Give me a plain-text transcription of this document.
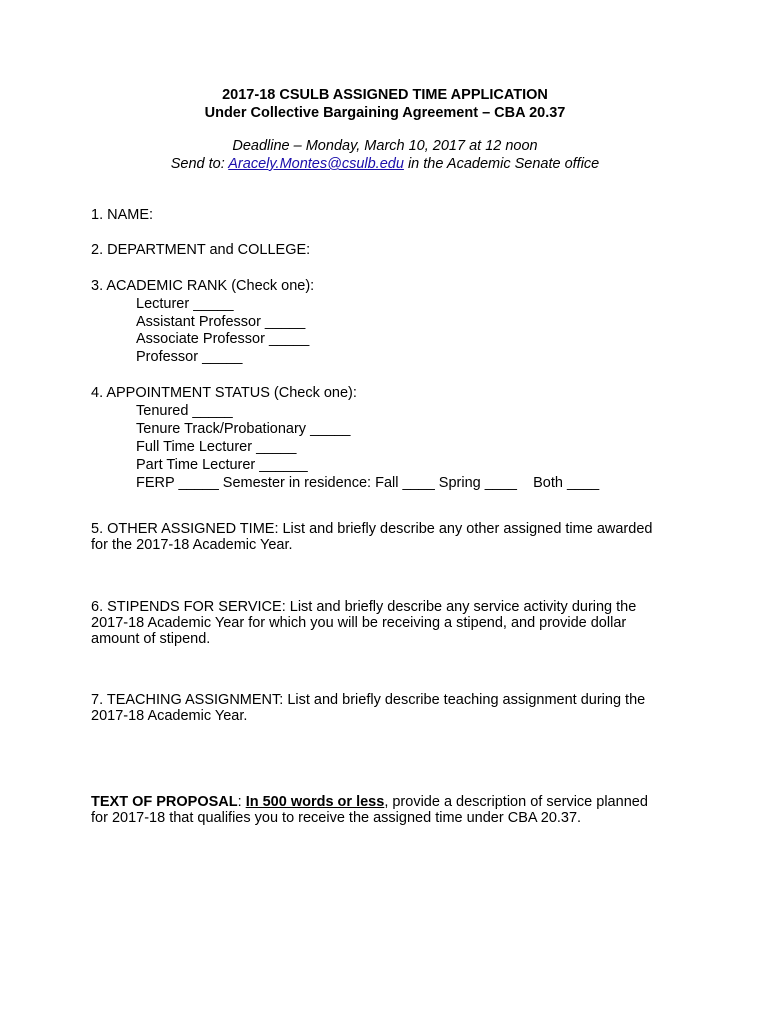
2017-18 CSULB ASSIGNED TIME APPLICATION
Under Collective Bargaining Agreement – CBA 20.37
Deadline – Monday, March 10, 2017 at 12 noon
Send to: Aracely.Montes@csulb.edu in the Academic Senate office
1. NAME:
2. DEPARTMENT and COLLEGE:
3. ACADEMIC RANK (Check one):
Lecturer _____
Assistant Professor _____
Associate Professor _____
Professor _____
4. APPOINTMENT STATUS (Check one):
Tenured _____
Tenure Track/Probationary _____
Full Time Lecturer _____
Part Time Lecturer ______
FERP _____ Semester in residence: Fall ____ Spring ____    Both ____
5. OTHER ASSIGNED TIME: List and briefly describe any other assigned time awarded for the 2017-18 Academic Year.
6. STIPENDS FOR SERVICE: List and briefly describe any service activity during the 2017-18 Academic Year for which you will be receiving a stipend, and provide dollar amount of stipend.
7. TEACHING ASSIGNMENT: List and briefly describe teaching assignment during the 2017-18 Academic Year.
TEXT OF PROPOSAL: In 500 words or less, provide a description of service planned for 2017-18 that qualifies you to receive the assigned time under CBA 20.37.
